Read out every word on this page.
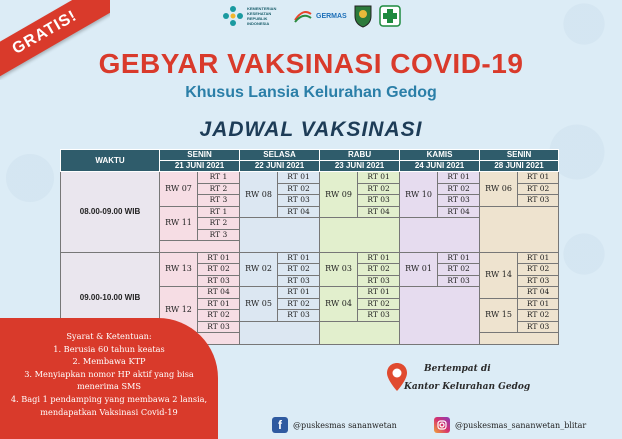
GRATIS!	KEMENTERIAN KESEHATAN REPUBLIK INDONESIA
GERMAS
GEBYAR VAKSINASI COVID-19
Khusus Lansia Kelurahan Gedog
JADWAL VAKSINASI
WAKTU	SENIN		SELASA		RABU		KAMIS		SENIN	
	21 JUNI 2021		22 JUNI 2021		23 JUNI 2021		24 JUNI 2021		28 JUNI 2021	
08.00-09.00 WIB	RW 07	RT 1	RW 08	RT 01	RW 09	RT 01	RW 10	RT 01	RW 06	RT 01
		RT 2		RT 02		RT 02		RT 02		RT 02
		RT 3		RT 03		RT 03		RT 03		RT 03
	RW 11	RT 1		RT 04		RT 04		RT 04		
		RT 2								
		RT 3								

09.00-10.00 WIB	RW 13	RT 01	RW 02	RT 01	RW 03	RT 01	RW 01	RT 01	RW 14	RT 01
		RT 02		RT 02		RT 02		RT 02		RT 02
		RT 03		RT 03		RT 03		RT 03		RT 03
	RW 12	RT 04	RW 05	RT 01	RW 04	RT 01				RT 04
		RT 01		RT 02		RT 02			RW 15	RT 01
		RT 02		RT 03		RT 03				RT 02
		RT 03								RT 03

Syarat & Ketentuan:
1. Berusia 60 tahun keatas
2. Membawa KTP
3. Menyiapkan nomor HP aktif yang bisa menerima SMS
4. Bagi 1 pendamping yang membawa 2 lansia, mendapatkan Vaksinasi Covid-19
Bertempat di
Kantor Kelurahan Gedog
f	@puskesmas sananwetan	@puskesmas_sananwetan_blitar
